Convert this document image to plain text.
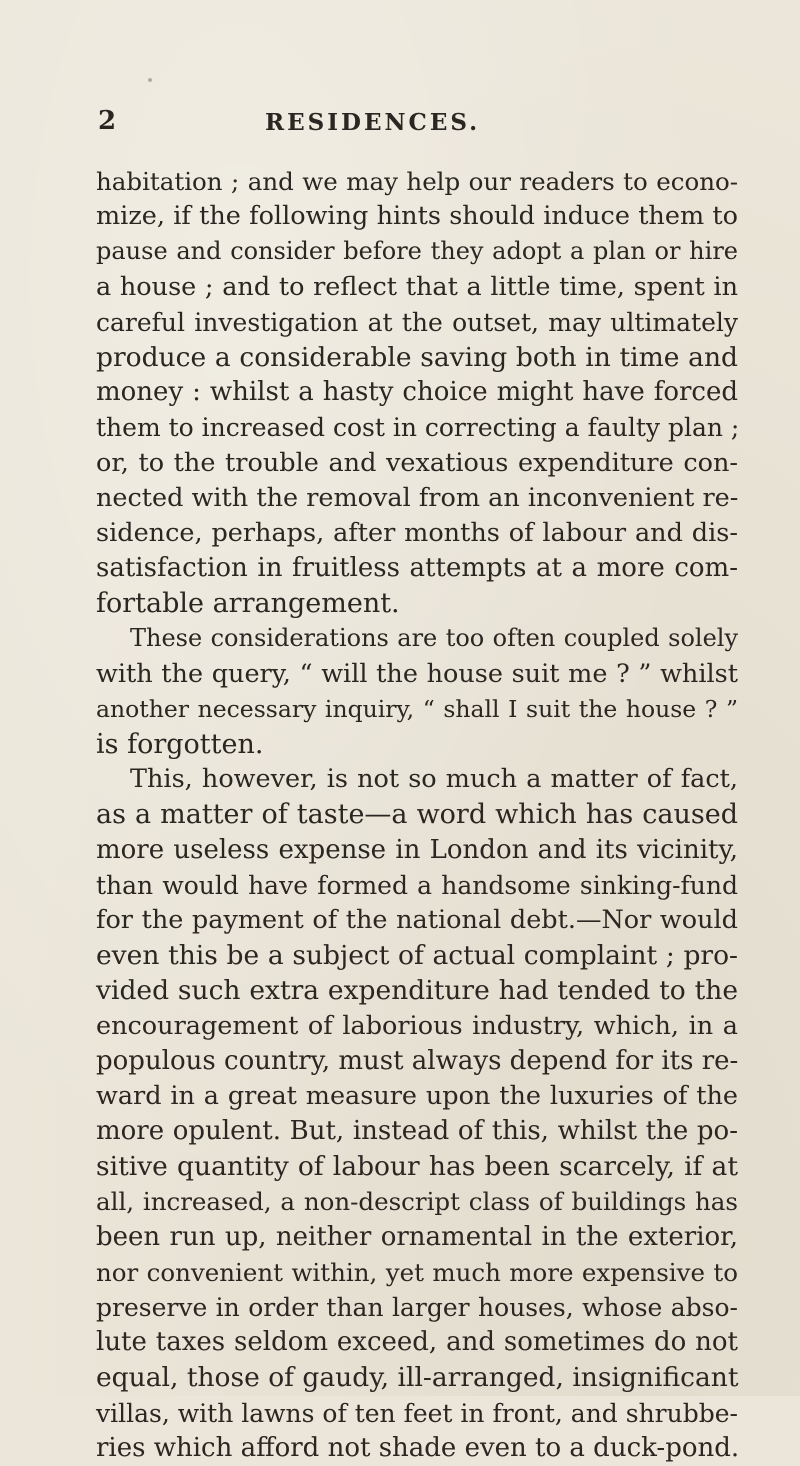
2	RESIDENCES.
habitation ; and we may help our readers to econo-
mize, if the following hints should induce them to
pause and consider before they adopt a plan or hire
a house ; and to reflect that a little time, spent in
careful investigation at the outset, may ultimately
produce a considerable saving both in time and
money : whilst a hasty choice might have forced
them to increased cost in correcting a faulty plan ;
or, to the trouble and vexatious expenditure con-
nected with the removal from an inconvenient re-
sidence, perhaps, after months of labour and dis-
satisfaction in fruitless attempts at a more com-
fortable arrangement.
These considerations are too often coupled solely
with the query, “ will the house suit me ? ” whilst
another necessary inquiry, “ shall I suit the house ? ”
is forgotten.
This, however, is not so much a matter of fact,
as a matter of taste—a word which has caused
more useless expense in London and its vicinity,
than would have formed a handsome sinking-fund
for the payment of the national debt.—Nor would
even this be a subject of actual complaint ; pro-
vided such extra expenditure had tended to the
encouragement of laborious industry, which, in a
populous country, must always depend for its re-
ward in a great measure upon the luxuries of the
more opulent. But, instead of this, whilst the po-
sitive quantity of labour has been scarcely, if at
all, increased, a non-descript class of buildings has
been run up, neither ornamental in the exterior,
nor convenient within, yet much more expensive to
preserve in order than larger houses, whose abso-
lute taxes seldom exceed, and sometimes do not
equal, those of gaudy, ill-arranged, insignificant
villas, with lawns of ten feet in front, and shrubbe-
ries which afford not shade even to a duck-pond.
